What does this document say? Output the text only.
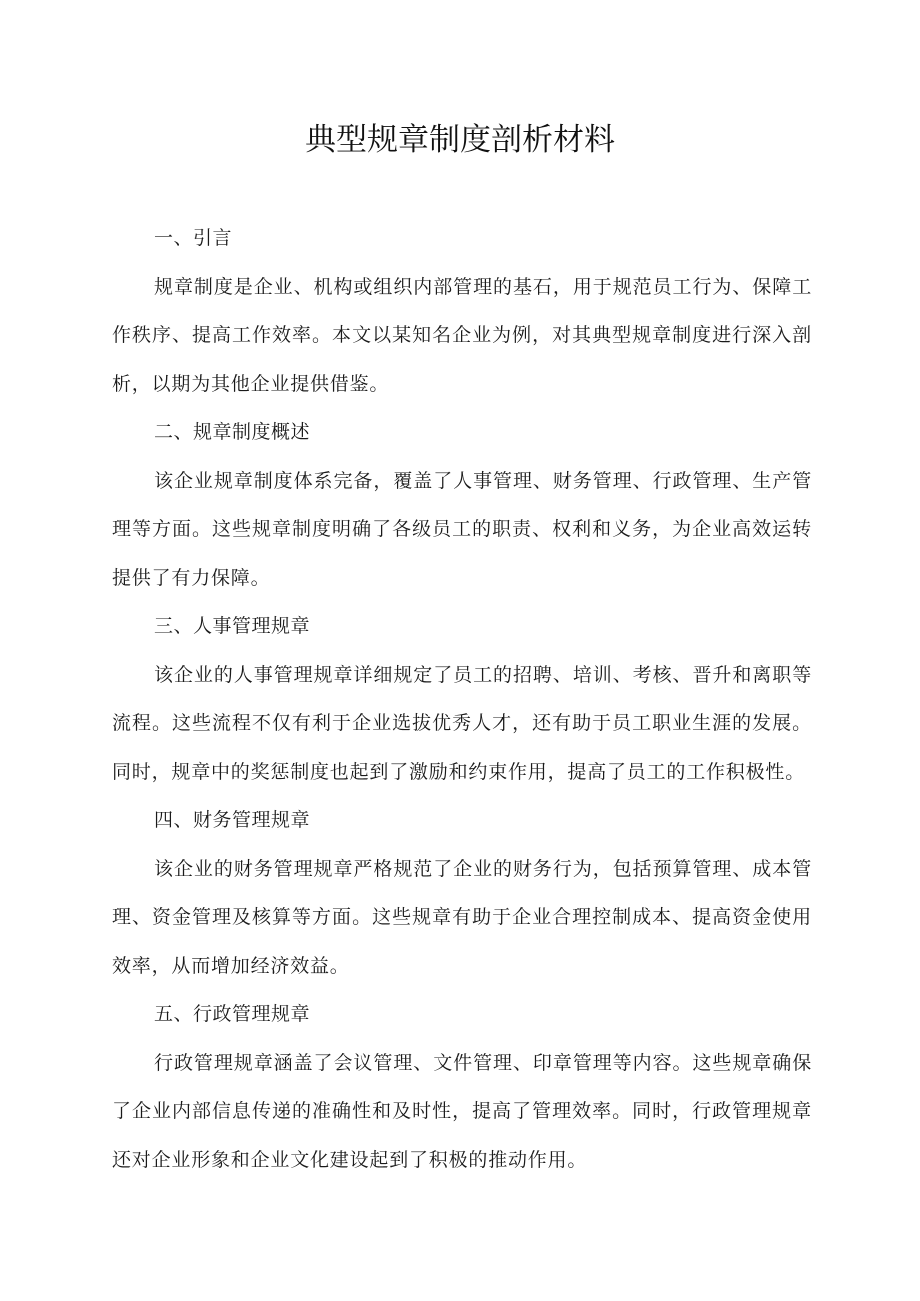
典型规章制度剖析材料
一、引言

规章制度是企业、机构或组织内部管理的基石，用于规范员工行为、保障工作秩序、提高工作效率。本文以某知名企业为例，对其典型规章制度进行深入剖析，以期为其他企业提供借鉴。

二、规章制度概述

该企业规章制度体系完备，覆盖了人事管理、财务管理、行政管理、生产管理等方面。这些规章制度明确了各级员工的职责、权利和义务，为企业高效运转提供了有力保障。

三、人事管理规章

该企业的人事管理规章详细规定了员工的招聘、培训、考核、晋升和离职等流程。这些流程不仅有利于企业选拔优秀人才，还有助于员工职业生涯的发展。同时，规章中的奖惩制度也起到了激励和约束作用，提高了员工的工作积极性。

四、财务管理规章

该企业的财务管理规章严格规范了企业的财务行为，包括预算管理、成本管理、资金管理及核算等方面。这些规章有助于企业合理控制成本、提高资金使用效率，从而增加经济效益。

五、行政管理规章

行政管理规章涵盖了会议管理、文件管理、印章管理等内容。这些规章确保了企业内部信息传递的准确性和及时性，提高了管理效率。同时，行政管理规章还对企业形象和企业文化建设起到了积极的推动作用。
